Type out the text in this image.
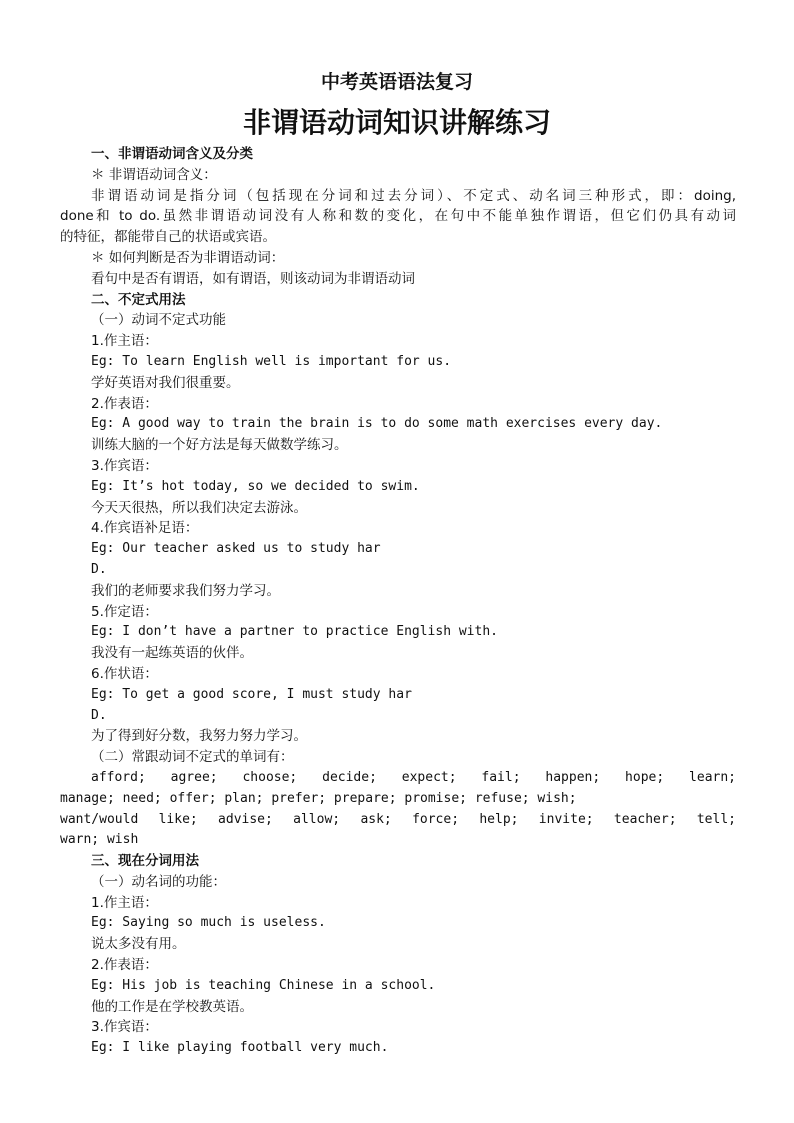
中考英语语法复习
非谓语动词知识讲解练习
一、非谓语动词含义及分类
＊ 非谓语动词含义：
非谓语动词是指分词（包括现在分词和过去分词）、不定式、动名词三种形式，即：doing,
done和 to do.虽然非谓语动词没有人称和数的变化，在句中不能单独作谓语，但它们仍具有动词
的特征，都能带自己的状语或宾语。
＊ 如何判断是否为非谓语动词：
看句中是否有谓语，如有谓语，则该动词为非谓语动词
二、不定式用法
（一）动词不定式功能
1.作主语：
Eg: To learn English well is important for us.
学好英语对我们很重要。
2.作表语：
Eg: A good way to train the brain is to do some math exercises every day.
训练大脑的一个好方法是每天做数学练习。
3.作宾语：
Eg: It’s hot today, so we decided to swim.
今天天很热，所以我们决定去游泳。
4.作宾语补足语：
Eg: Our teacher asked us to study har
D.
我们的老师要求我们努力学习。
5.作定语：
Eg: I don’t have a partner to practice English with.
我没有一起练英语的伙伴。
6.作状语：
Eg: To get a good score, I must study har
D.
为了得到好分数，我努力努力学习。
（二）常跟动词不定式的单词有：
afford; agree; choose; decide; expect; fail; happen; hope; learn;
manage; need; offer; plan; prefer; prepare; promise; refuse; wish;
want/would like; advise; allow; ask; force; help; invite; teacher; tell;
warn; wish
三、现在分词用法
（一）动名词的功能：
1.作主语：
Eg: Saying so much is useless.
说太多没有用。
2.作表语：
Eg: His job is teaching Chinese in a school.
他的工作是在学校教英语。
3.作宾语：
Eg: I like playing football very much.
